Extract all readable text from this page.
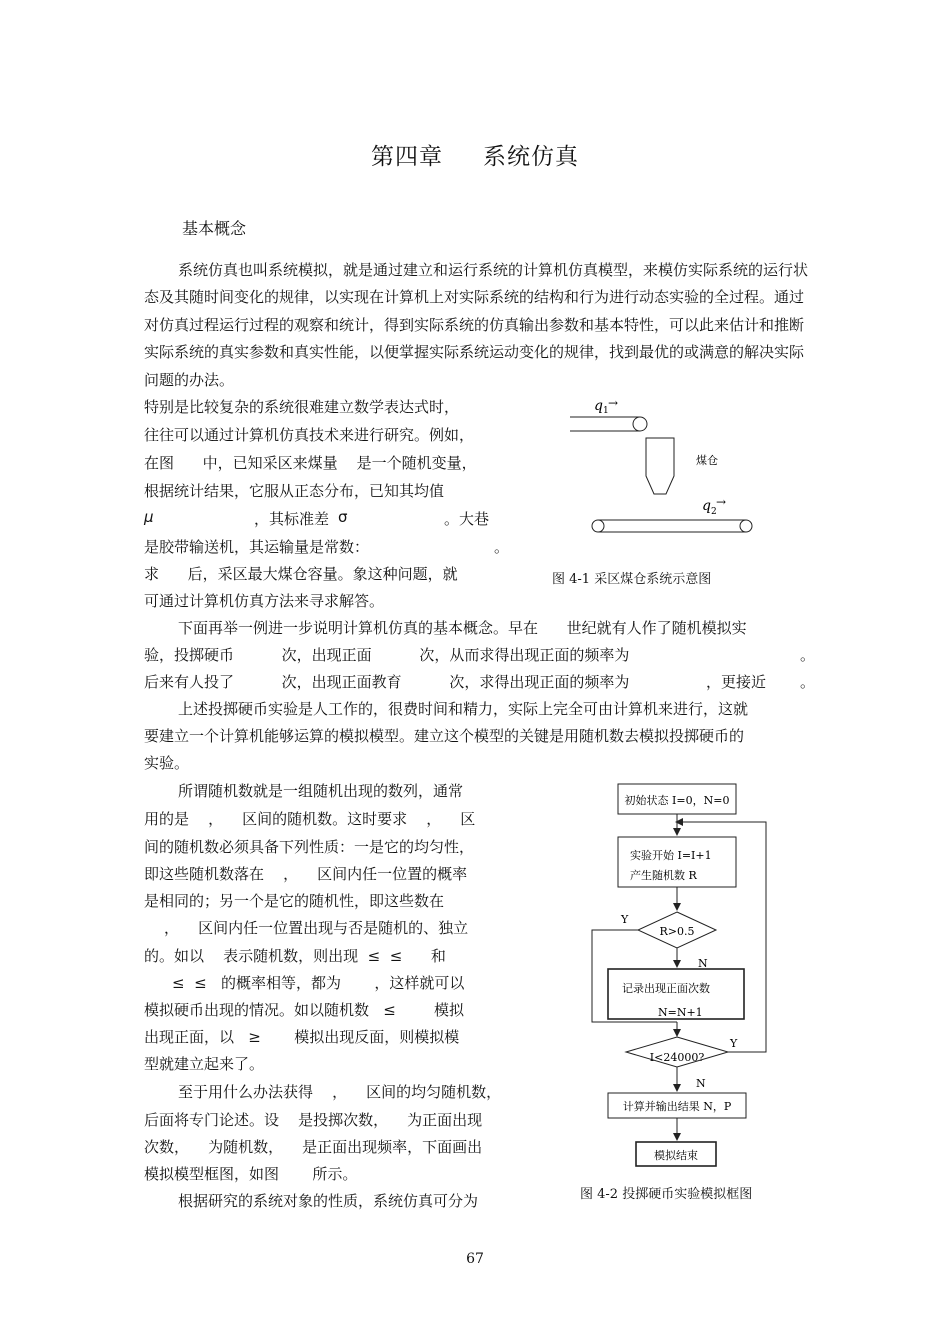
第四章 系统仿真
基本概念
系统仿真也叫系统模拟，就是通过建立和运行系统的计算机仿真模型，来模仿实际系统的运行状态及其随时间变化的规律，以实现在计算机上对实际系统的结构和行为进行动态实验的全过程。通过对仿真过程运行过程的观察和统计，得到实际系统的仿真输出参数和基本特性，可以此来估计和推断实际系统的真实参数和真实性能，以便掌握实际系统运动变化的规律，找到最优的或满意的解决实际问题的办法。
特别是比较复杂的系统很难建立数学表达式时，
往往可以通过计算机仿真技术来进行研究。例如，
在图      中，已知采区来煤量    是一个随机变量，
根据统计结果，它服从正态分布，已知其均值
μ	，其标准差 σ	。大巷
是胶带输送机，其运输量是常数：	。
求      后，采区最大煤仓容量。象这种问题，就
可通过计算机仿真方法来寻求解答。
q 1
→
煤仓
q 2
→
图 4-1 采区煤仓系统示意图
下面再举一例进一步说明计算机仿真的基本概念。早在      世纪就有人作了随机模拟实
验，投掷硬币          次，出现正面          次，从而求得出现正面的频率为	。
后来有人投了          次，出现正面教育          次，求得出现正面的频率为	，更接近 。
上述投掷硬币实验是人工作的，很费时间和精力，实际上完全可由计算机来进行，这就
要建立一个计算机能够运算的模拟模型。建立这个模型的关键是用随机数去模拟投掷硬币的
实验。
所谓随机数就是一组随机出现的数列，通常
用的是    ，    区间的随机数。这时要求    ，    区
间的随机数必须具备下列性质：一是它的均匀性，
即这些随机数落在    ，    区间内任一位置的概率
是相同的；另一个是它的随机性，即这些数在
，    区间内任一位置出现与否是随机的、独立
的。如以    表示随机数，则出现  ≤  ≤      和
≤  ≤   的概率相等，都为       ，这样就可以
模拟硬币出现的情况。如以随机数   ≤        模拟
出现正面，以   ≥       模拟出现反面，则模拟模
型就建立起来了。
至于用什么办法获得    ，    区间的均匀随机数，
后面将专门论述。设    是投掷次数，    为正面出现
次数，    为随机数，    是正面出现频率，下面画出
模拟模型框图，如图       所示。
根据研究的系统对象的性质，系统仿真可分为
初始状态 I=0，N=0
实验开始 I=I+1
产生随机数 R
R>0.5
Y
N
记录出现正面次数
N=N+1
I<24000?
Y
N
计算并输出结果 N，P
模拟结束
图 4-2 投掷硬币实验模拟框图
67
